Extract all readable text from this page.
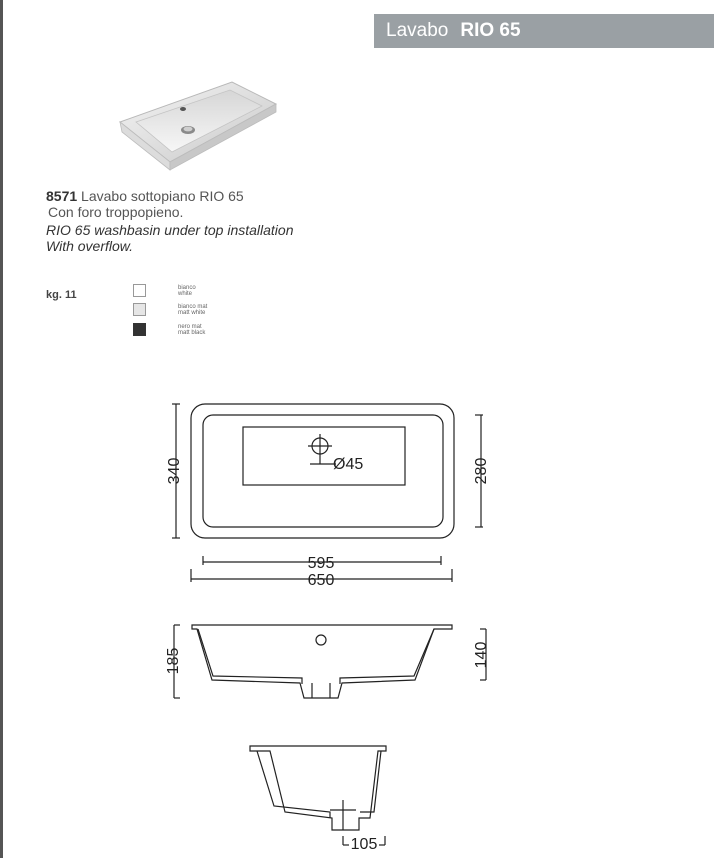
Lavabo RIO 65
8571 Lavabo sottopiano RIO 65
Con foro troppopieno.
RIO 65 washbasin under top installation
With overflow.
kg. 11
bianco
white
bianco mat
matt white
nero mat
matt black
Ø45
340	280
595
650
185	140
105
